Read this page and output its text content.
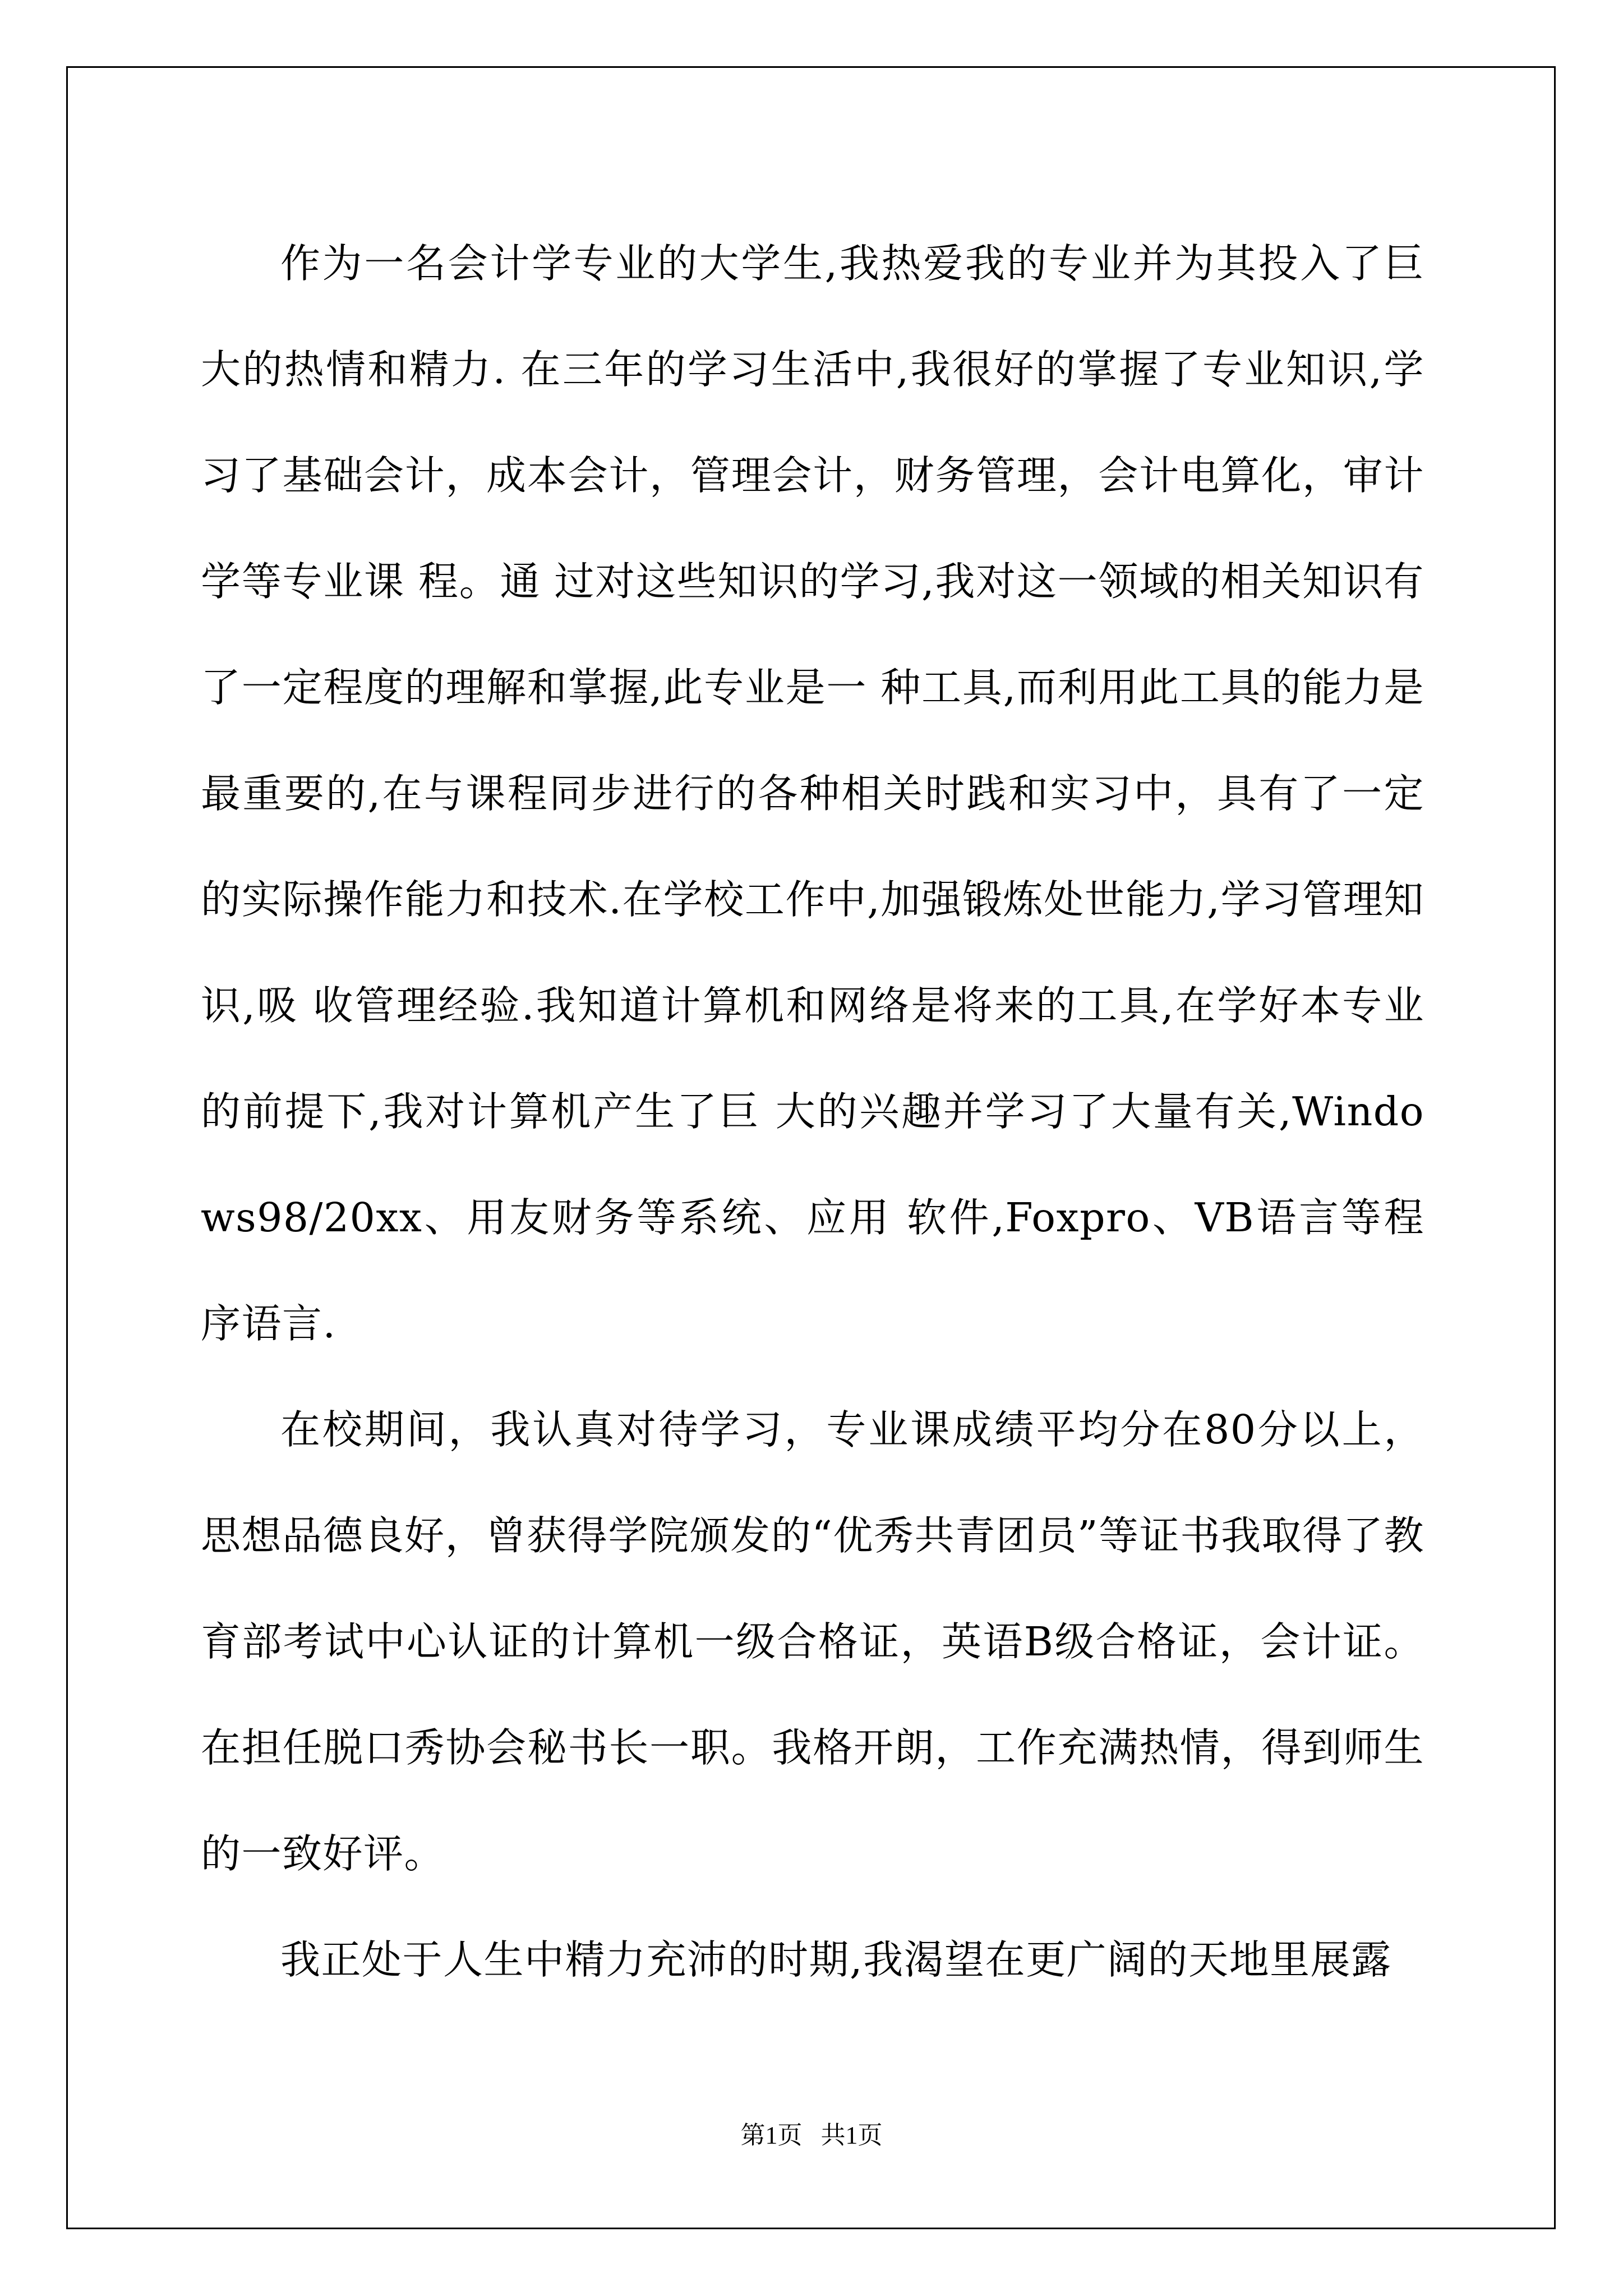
作为一名会计学专业的大学生,我热爱我的专业并为其投入了巨大的热情和精力. 在三年的学习生活中,我很好的掌握了专业知识,学习了基础会计，成本会计，管理会计，财务管理，会计电算化，审计学等专业课 程。通 过对这些知识的学习,我对这一领域的相关知识有了一定程度的理解和掌握,此专业是一 种工具,而利用此工具的能力是最重要的,在与课程同步进行的各种相关时践和实习中，具有了一定的实际操作能力和技术.在学校工作中,加强锻炼处世能力,学习管理知识,吸 收管理经验.我知道计算机和网络是将来的工具,在学好本专业的前提下,我对计算机产生了巨 大的兴趣并学习了大量有关,Windows98/20xx、用友财务等系统、应用 软件,Foxpro、VB语言等程序语言.

在校期间，我认真对待学习，专业课成绩平均分在80分以上，思想品德良好，曾获得学院颁发的“优秀共青团员”等证书我取得了教育部考试中心认证的计算机一级合格证，英语B级合格证，会计证。在担任脱口秀协会秘书长一职。我格开朗，工作充满热情，得到师生的一致好评。

我正处于人生中精力充沛的时期,我渴望在更广阔的天地里展露

第1页   共1页
